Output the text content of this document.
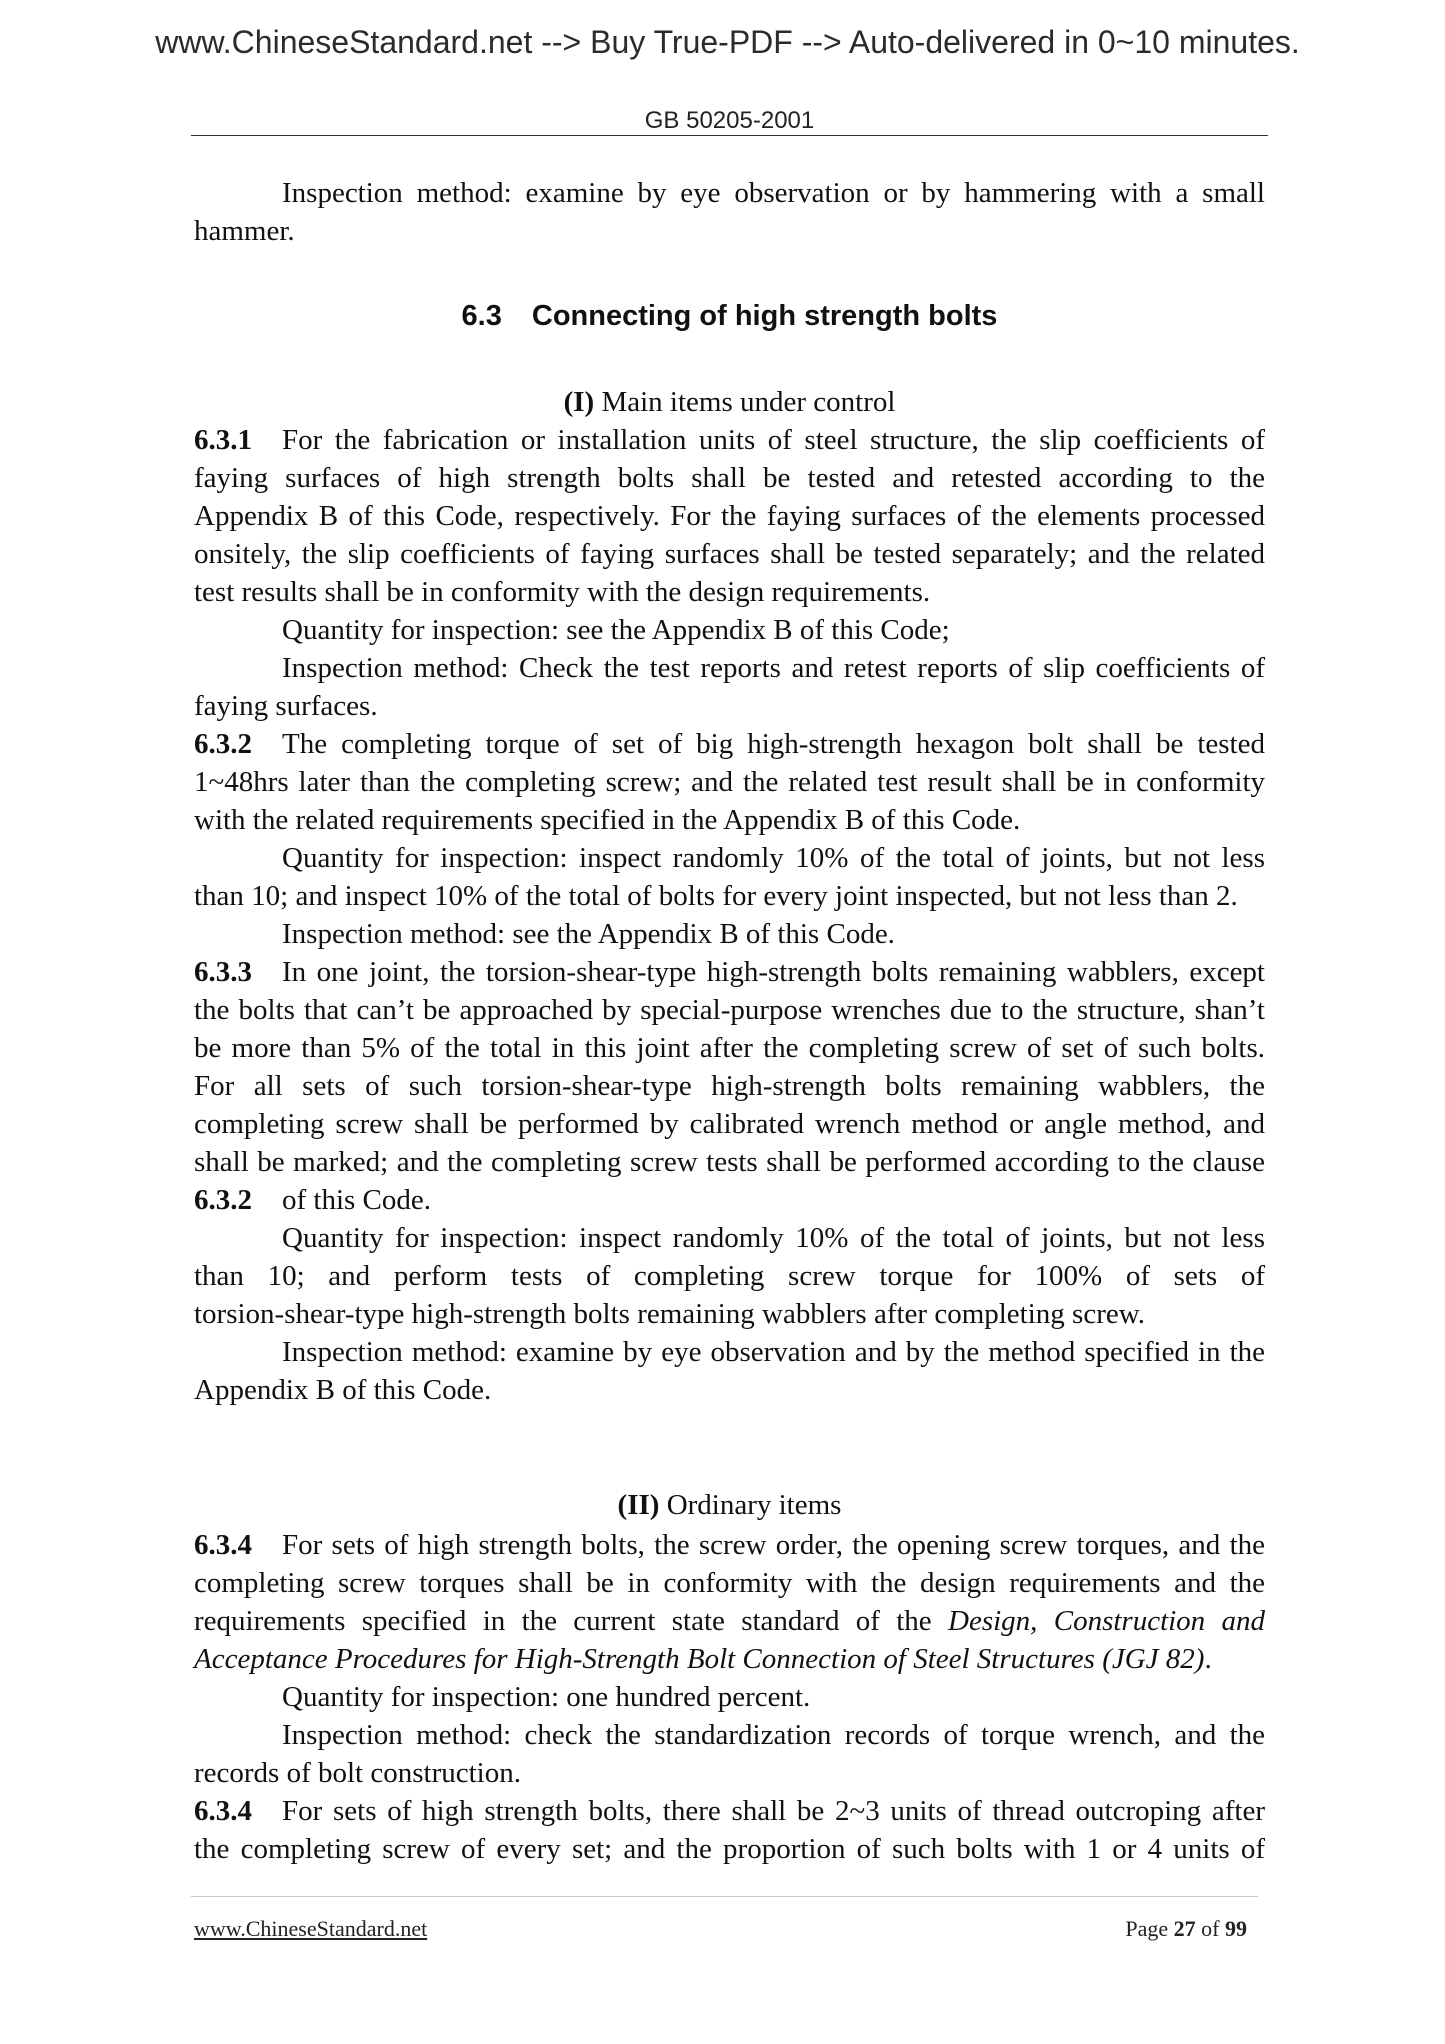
www.ChineseStandard.net --> Buy True-PDF --> Auto-delivered in 0~10 minutes.
GB 50205-2001
Inspection method: examine by eye observation or by hammering with a small
hammer.
6.3 Connecting of high strength bolts
(I) Main items under control
6.3.1 For the fabrication or installation units of steel structure, the slip coefficients of
faying surfaces of high strength bolts shall be tested and retested according to the
Appendix B of this Code, respectively. For the faying surfaces of the elements processed
onsitely, the slip coefficients of faying surfaces shall be tested separately; and the related
test results shall be in conformity with the design requirements.
Quantity for inspection: see the Appendix B of this Code;
Inspection method: Check the test reports and retest reports of slip coefficients of
faying surfaces.
6.3.2 The completing torque of set of big high-strength hexagon bolt shall be tested
1~48hrs later than the completing screw; and the related test result shall be in conformity
with the related requirements specified in the Appendix B of this Code.
Quantity for inspection: inspect randomly 10% of the total of joints, but not less
than 10; and inspect 10% of the total of bolts for every joint inspected, but not less than 2.
Inspection method: see the Appendix B of this Code.
6.3.3 In one joint, the torsion-shear-type high-strength bolts remaining wabblers, except
the bolts that can’t be approached by special-purpose wrenches due to the structure, shan’t
be more than 5% of the total in this joint after the completing screw of set of such bolts.
For all sets of such torsion-shear-type high-strength bolts remaining wabblers, the
completing screw shall be performed by calibrated wrench method or angle method, and
shall be marked; and the completing screw tests shall be performed according to the clause
6.3.2 of this Code.
Quantity for inspection: inspect randomly 10% of the total of joints, but not less
than 10; and perform tests of completing screw torque for 100% of sets of
torsion-shear-type high-strength bolts remaining wabblers after completing screw.
Inspection method: examine by eye observation and by the method specified in the
Appendix B of this Code.
(II) Ordinary items
6.3.4 For sets of high strength bolts, the screw order, the opening screw torques, and the
completing screw torques shall be in conformity with the design requirements and the
requirements specified in the current state standard of the Design, Construction and
Acceptance Procedures for High-Strength Bolt Connection of Steel Structures (JGJ 82).
Quantity for inspection: one hundred percent.
Inspection method: check the standardization records of torque wrench, and the
records of bolt construction.
6.3.4 For sets of high strength bolts, there shall be 2~3 units of thread outcroping after
the completing screw of every set; and the proportion of such bolts with 1 or 4 units of
www.ChineseStandard.net	Page 27 of 99
